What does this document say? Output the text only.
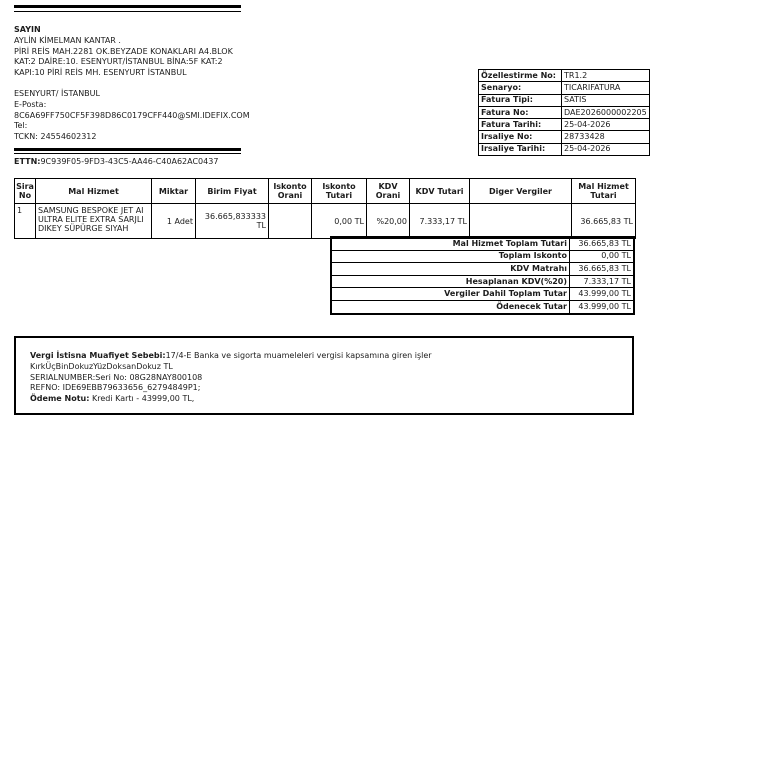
SAYIN
AYLİN KİMELMAN KANTAR .
PİRİ REİS MAH.2281 OK.BEYZADE KONAKLARI A4.BLOK
KAT:2 DAİRE:10. ESENYURT/İSTANBUL BİNA:5F KAT:2
KAPI:10 PİRİ REİS MH. ESENYURT İSTANBUL
ESENYURT/ İSTANBUL
E-Posta:
8C6A69FF750CF5F398D86C0179CFF440@SMI.IDEFIX.COM
Tel:
TCKN: 24554602312
ETTN:9C939F05-9FD3-43C5-AA46-C40A62AC0437
Özellestirme No:	TR1.2
Senaryo:	TICARIFATURA
Fatura Tipi:	SATIS
Fatura No:	DAE2026000002205
Fatura Tarihi:	25-04-2026
Irsaliye No:	28733428
Irsaliye Tarihi:	25-04-2026
Sira No	Mal Hizmet	Miktar	Birim Fiyat	Iskonto Orani	Iskonto Tutari	KDV Orani	KDV Tutari	Diger Vergiler	Mal Hizmet Tutari
1	SAMSUNG BESPOKE JET AI ULTRA ELITE EXTRA SARJLI DIKEY SÜPÜRGE SIYAH	1 Adet	36.665,833333 TL		0,00 TL	%20,00	7.333,17 TL		36.665,83 TL
Mal Hizmet Toplam Tutari	36.665,83 TL
Toplam Iskonto	0,00 TL
KDV Matrahı	36.665,83 TL
Hesaplanan KDV(%20)	7.333,17 TL
Vergiler Dahil Toplam Tutar	43.999,00 TL
Ödenecek Tutar	43.999,00 TL
Vergi İstisna Muafiyet Sebebi:17/4-E Banka ve sigorta muameleleri vergisi kapsamına giren işler
KırkÜçBinDokuzYüzDoksanDokuz TL
SERIALNUMBER:Seri No: 08G28NAY800108
REFNO: IDE69EBB79633656_62794849P1;
Ödeme Notu: Kredi Kartı - 43999,00 TL,
